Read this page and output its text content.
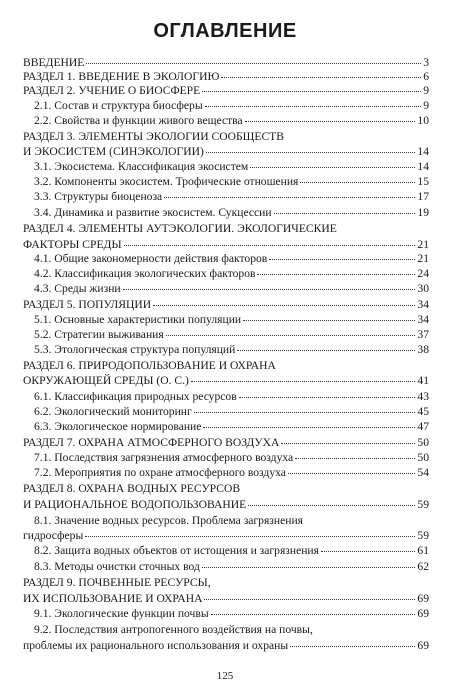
ОГЛАВЛЕНИЕ
ВВЕДЕНИЕ	3
РАЗДЕЛ 1. ВВЕДЕНИЕ В ЭКОЛОГИЮ	6
РАЗДЕЛ 2. УЧЕНИЕ О БИОСФЕРЕ	9
2.1. Состав и структура биосферы	9
2.2. Свойства и функции живого вещества	10
РАЗДЕЛ 3. ЭЛЕМЕНТЫ ЭКОЛОГИИ СООБЩЕСТВ
И ЭКОСИСТЕМ (СИНЭКОЛОГИИ)	14
3.1. Экосистема. Классификация экосистем	14
3.2. Компоненты экосистем. Трофические отношения	15
3.3. Структуры биоценоза	17
3.4. Динамика и развитие экосистем. Сукцессии	19
РАЗДЕЛ 4. ЭЛЕМЕНТЫ АУТЭКОЛОГИИ. ЭКОЛОГИЧЕСКИЕ
ФАКТОРЫ СРЕДЫ	21
4.1. Общие закономерности действия факторов	21
4.2. Классификация экологических факторов	24
4.3. Среды жизни	30
РАЗДЕЛ 5. ПОПУЛЯЦИИ	34
5.1. Основные характеристики популяции	34
5.2. Стратегии выживания	37
5.3. Этологическая структура популяций	38
РАЗДЕЛ 6. ПРИРОДОПОЛЬЗОВАНИЕ И ОХРАНА
ОКРУЖАЮЩЕЙ СРЕДЫ (О. С.)	41
6.1. Классификация природных ресурсов	43
6.2. Экологический мониторинг	45
6.3. Экологическое нормирование	47
РАЗДЕЛ 7. ОХРАНА АТМОСФЕРНОГО ВОЗДУХА	50
7.1. Последствия загрязнения атмосферного воздуха	50
7.2. Мероприятия по охране атмосферного воздуха	54
РАЗДЕЛ 8. ОХРАНА ВОДНЫХ РЕСУРСОВ
И РАЦИОНАЛЬНОЕ ВОДОПОЛЬЗОВАНИЕ	59
8.1. Значение водных ресурсов. Проблема загрязнения
гидросферы	59
8.2. Защита водных объектов от истощения и загрязнения	61
8.3. Методы очистки сточных вод	62
РАЗДЕЛ 9. ПОЧВЕННЫЕ РЕСУРСЫ,
ИХ ИСПОЛЬЗОВАНИЕ И ОХРАНА	69
9.1. Экологические функции почвы	69
9.2. Последствия антропогенного воздействия на почвы,
проблемы их рационального использования и охраны	69
125
